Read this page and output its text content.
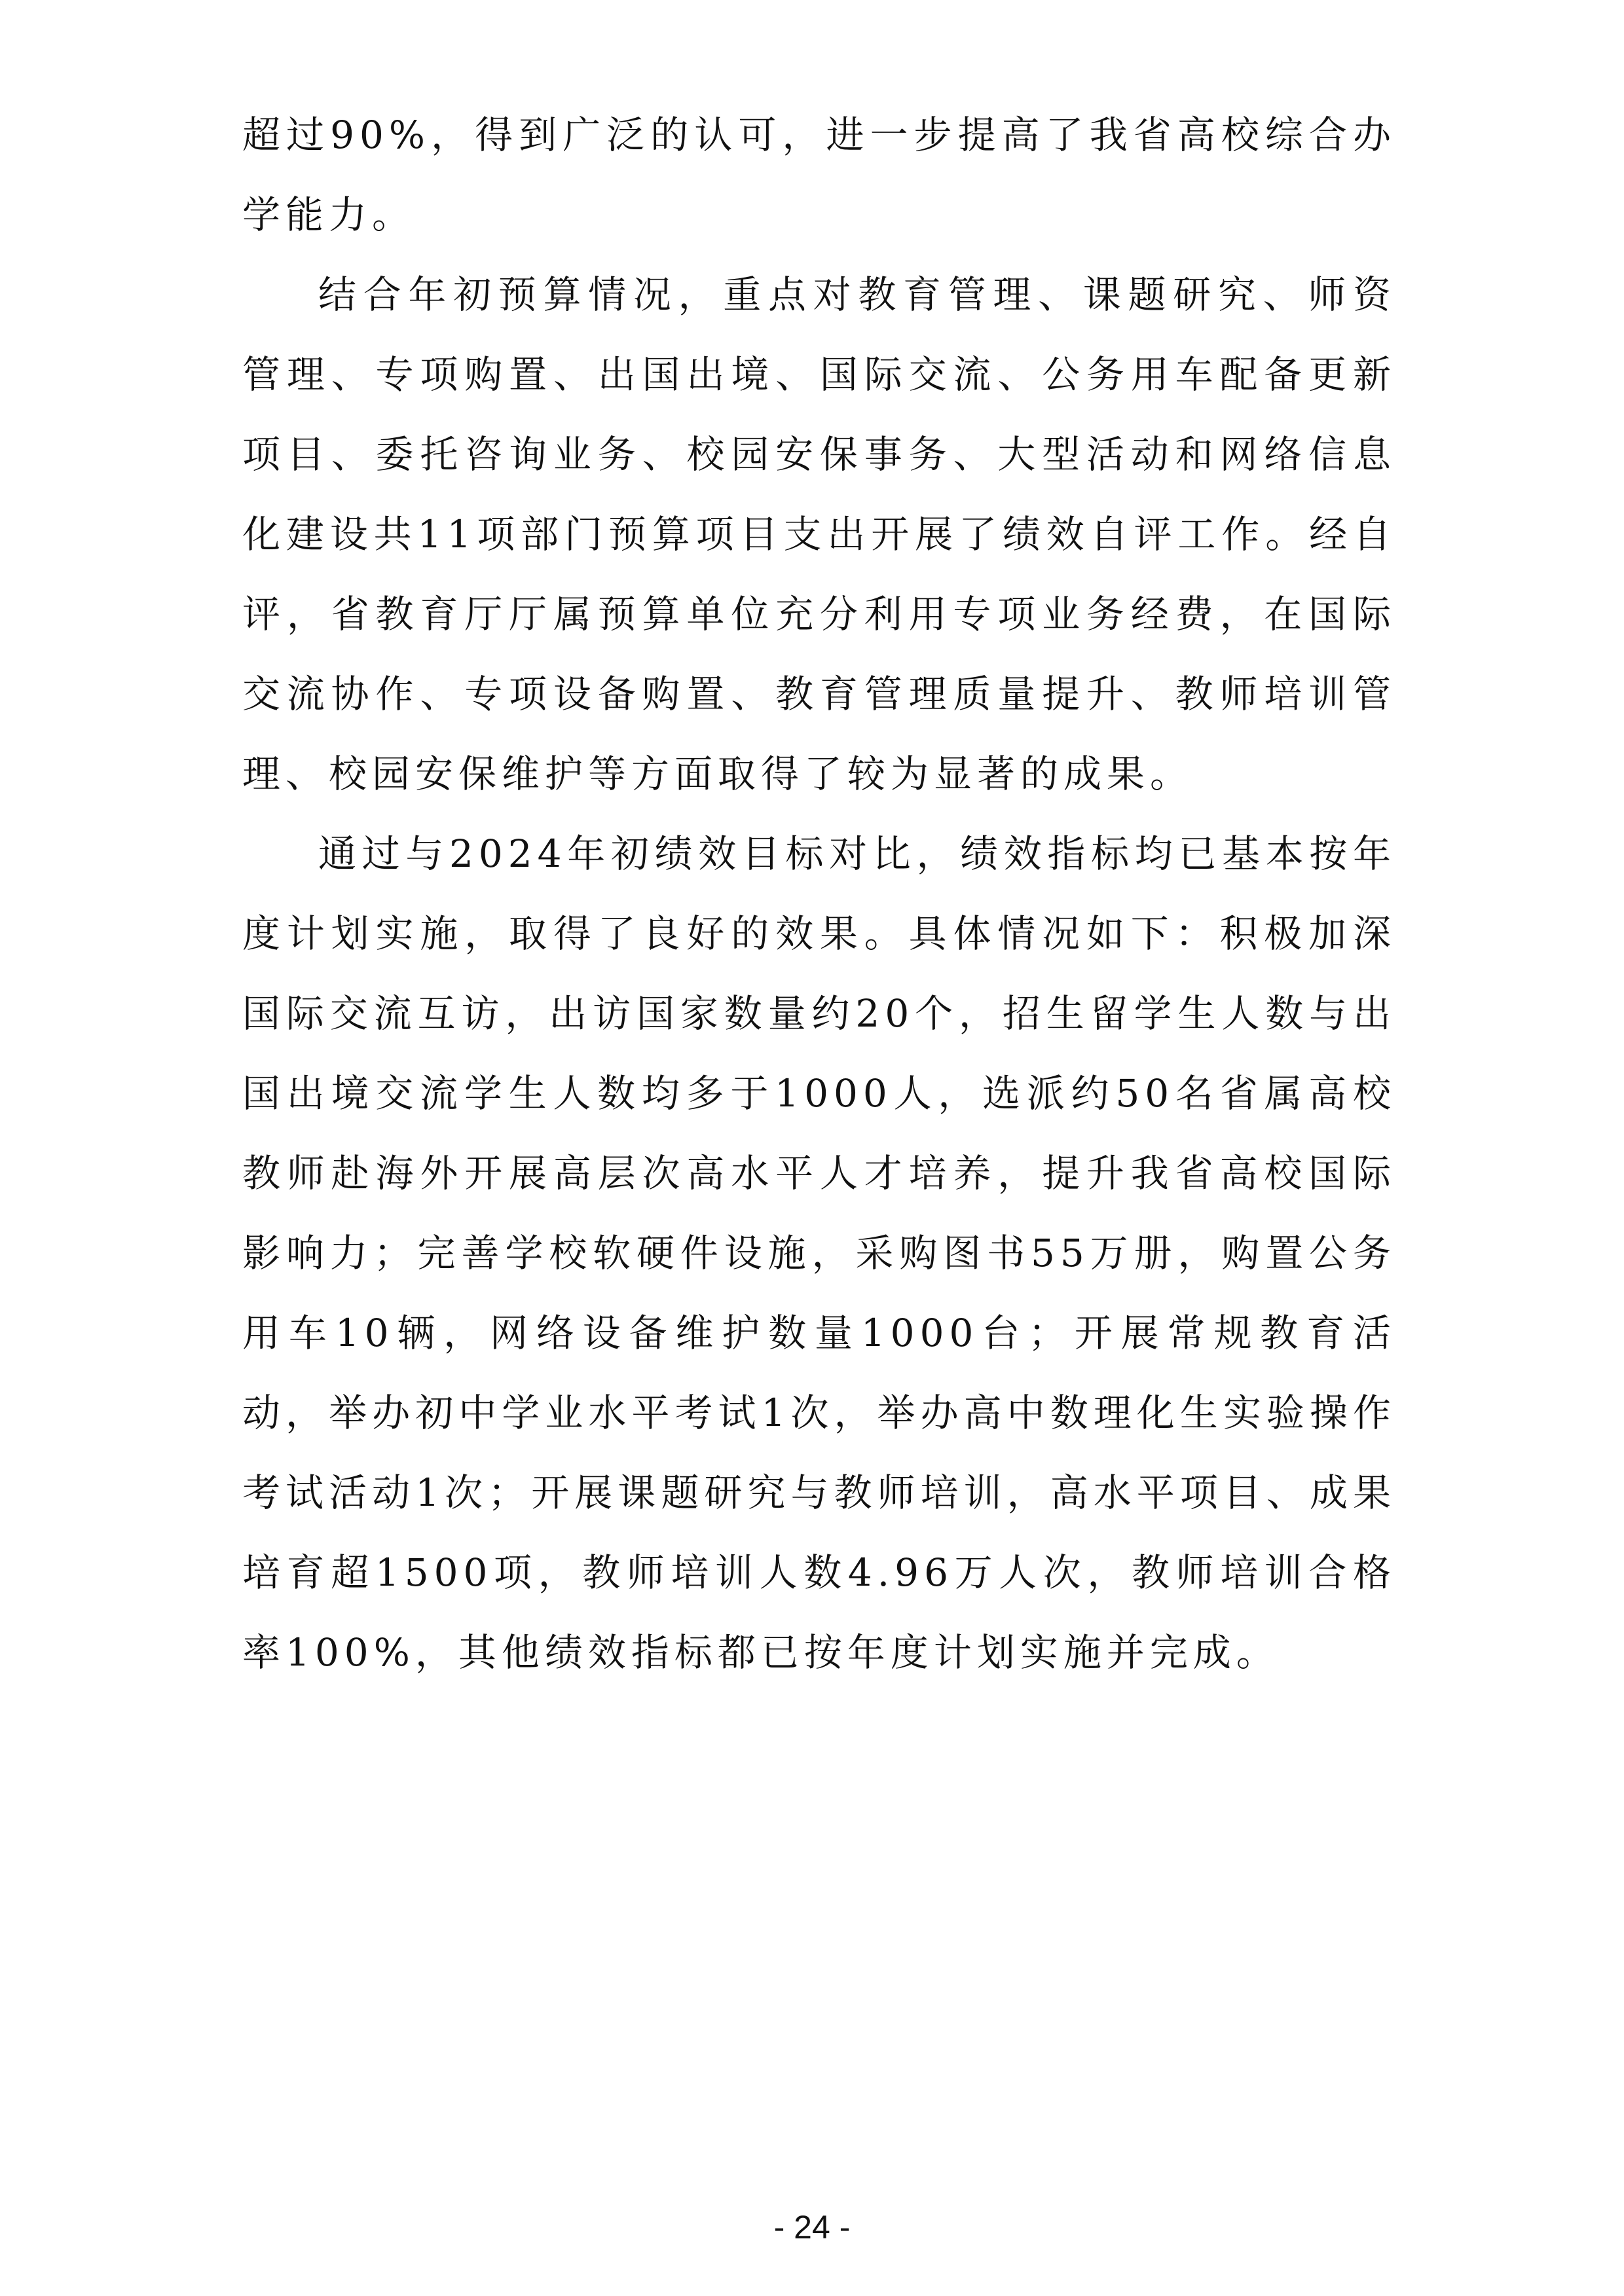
超过90%，得到广泛的认可，进一步提高了我省高校综合办学能力。

结合年初预算情况，重点对教育管理、课题研究、师资管理、专项购置、出国出境、国际交流、公务用车配备更新项目、委托咨询业务、校园安保事务、大型活动和网络信息化建设共11项部门预算项目支出开展了绩效自评工作。经自评，省教育厅厅属预算单位充分利用专项业务经费，在国际交流协作、专项设备购置、教育管理质量提升、教师培训管理、校园安保维护等方面取得了较为显著的成果。

通过与2024年初绩效目标对比，绩效指标均已基本按年度计划实施，取得了良好的效果。具体情况如下：积极加深国际交流互访，出访国家数量约20个，招生留学生人数与出国出境交流学生人数均多于1000人，选派约50名省属高校教师赴海外开展高层次高水平人才培养，提升我省高校国际影响力；完善学校软硬件设施，采购图书55万册，购置公务用车10辆，网络设备维护数量1000台；开展常规教育活动，举办初中学业水平考试1次，举办高中数理化生实验操作考试活动1次；开展课题研究与教师培训，高水平项目、成果培育超1500项，教师培训人数4.96万人次，教师培训合格率100%，其他绩效指标都已按年度计划实施并完成。

- 24 -
